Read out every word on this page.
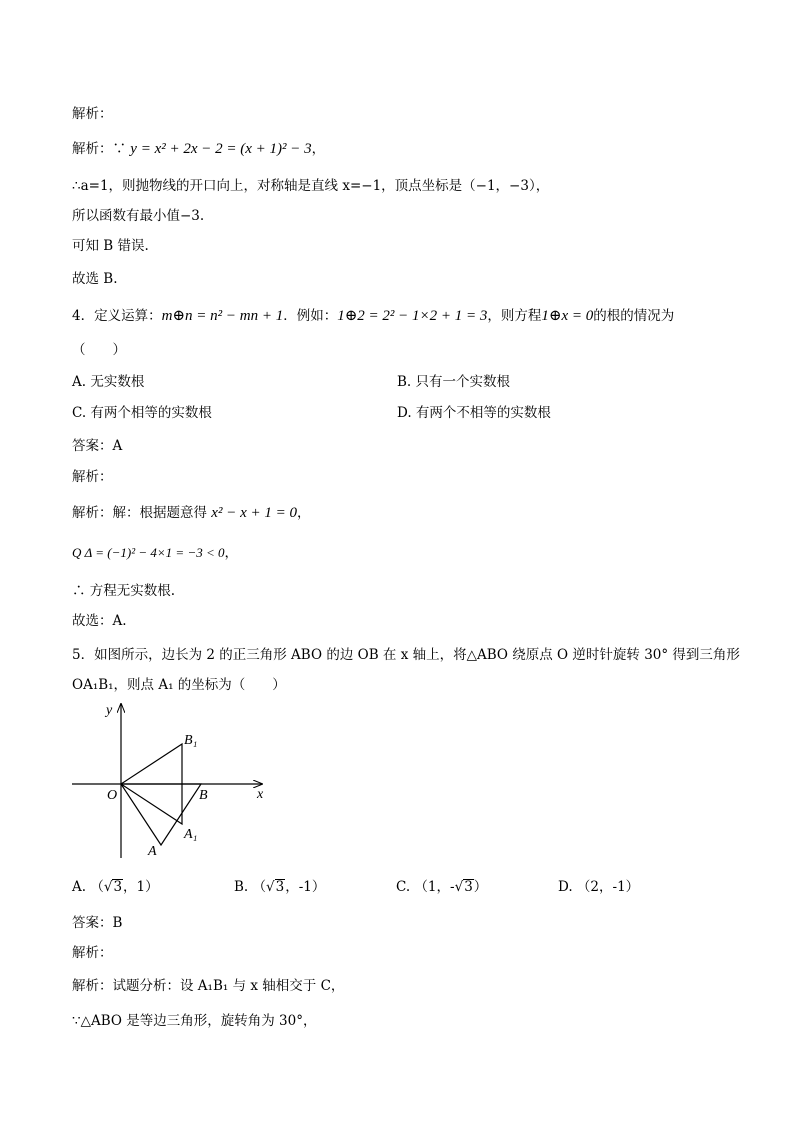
解析：
解析：∵ y = x² + 2x − 2 = (x + 1)² − 3，
∴a=1，则抛物线的开口向上，对称轴是直线 x=−1，顶点坐标是（−1，−3），
所以函数有最小值−3.
可知 B 错误.
故选 B.
4．定义运算：m⊕n = n² − mn + 1．例如：1⊕2 = 2² − 1×2 + 1 = 3，则方程1⊕x = 0的根的情况为
（　　）
A. 无实数根	B. 只有一个实数根
C. 有两个相等的实数根	D. 有两个不相等的实数根
答案：A
解析：
解析：解：根据题意得 x² − x + 1 = 0，
Q Δ = (−1)² − 4×1 = −3 < 0，
∴ 方程无实数根.
故选：A.
5．如图所示，边长为 2 的正三角形 ABO 的边 OB 在 x 轴上，将△ABO 绕原点 O 逆时针旋转 30° 得到三角形
OA₁B₁，则点 A₁ 的坐标为（　　）
y
x
O	B
A
A₁
B₁
A. （√3，1）	B. （√3，-1）	C. （1，-√3）	D. （2，-1）
答案：B
解析：
解析：试题分析：设 A₁B₁ 与 x 轴相交于 C，
∵△ABO 是等边三角形，旋转角为 30°，
